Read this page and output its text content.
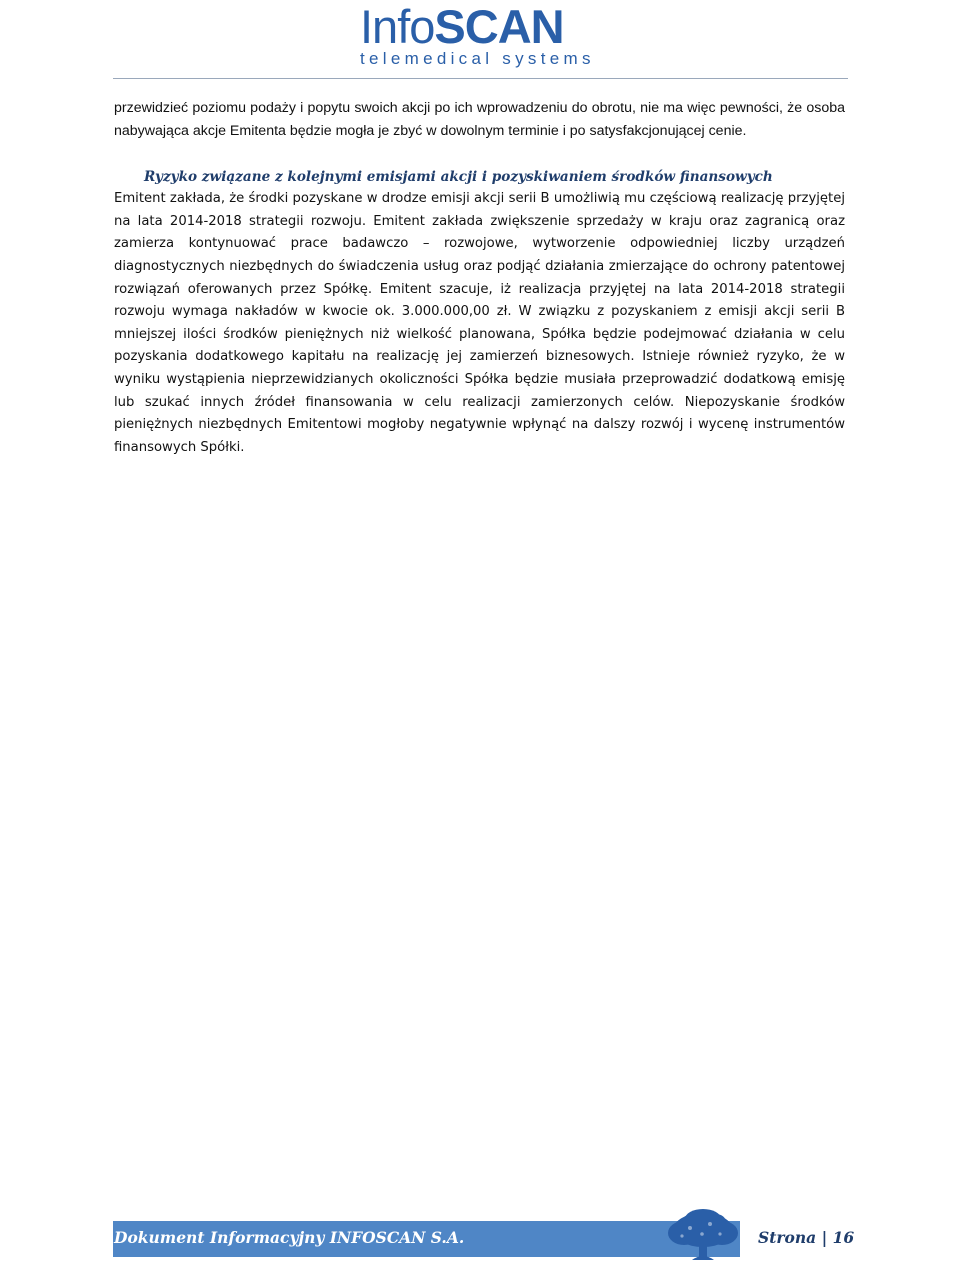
InfoSCAN
telemedical systems

przewidzieć poziomu podaży i popytu swoich akcji po ich wprowadzeniu do obrotu, nie ma więc pewności, że osoba nabywająca akcje Emitenta będzie mogła je zbyć w dowolnym terminie i po satysfakcjonującej cenie.

Ryzyko związane z kolejnymi emisjami akcji i pozyskiwaniem środków finansowych

Emitent zakłada, że środki pozyskane w drodze emisji akcji serii B umożliwią mu częściową realizację przyjętej na lata 2014-2018 strategii rozwoju. Emitent zakłada zwiększenie sprzedaży w kraju oraz zagranicą oraz zamierza kontynuować prace badawczo – rozwojowe, wytworzenie odpowiedniej liczby urządzeń diagnostycznych niezbędnych do świadczenia usług oraz podjąć działania zmierzające do ochrony patentowej rozwiązań oferowanych przez Spółkę. Emitent szacuje, iż realizacja przyjętej na lata 2014-2018 strategii rozwoju wymaga nakładów w kwocie ok. 3.000.000,00 zł. W związku z pozyskaniem z emisji akcji serii B mniejszej ilości środków pieniężnych niż wielkość planowana, Spółka będzie podejmować działania w celu pozyskania dodatkowego kapitału na realizację jej zamierzeń biznesowych. Istnieje również ryzyko, że w wyniku wystąpienia nieprzewidzianych okoliczności Spółka będzie musiała przeprowadzić dodatkową emisję lub szukać innych źródeł finansowania w celu realizacji zamierzonych celów. Niepozyskanie środków pieniężnych niezbędnych Emitentowi mogłoby negatywnie wpłynąć na dalszy rozwój i wycenę instrumentów finansowych Spółki.

Dokument Informacyjny INFOSCAN S.A.	Strona | 16
